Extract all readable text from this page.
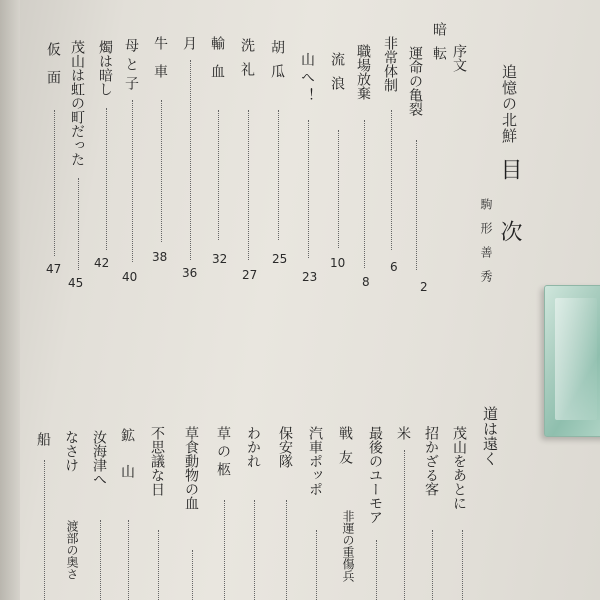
追憶の北鮮
目次
駒形善秀
序文
暗転
運命の亀裂
2
非常体制
6
職場放棄
8
流浪
10
山へ！
23
胡瓜
25
洗礼
27
輸血
32
月
36
牛車
38
母と子
40
燭は暗し
42
茂山は虹の町だった
45
仮面
47
道は遠く
茂山をあとに
招かざる客
米
最後のユーモア
戦友
非運の重傷兵
汽車ポッポ
保安隊
わかれ
草の柩
草食動物の血
不思議な日
鉱山
汝海津へ
なさけ
渡部の奥さ
船
